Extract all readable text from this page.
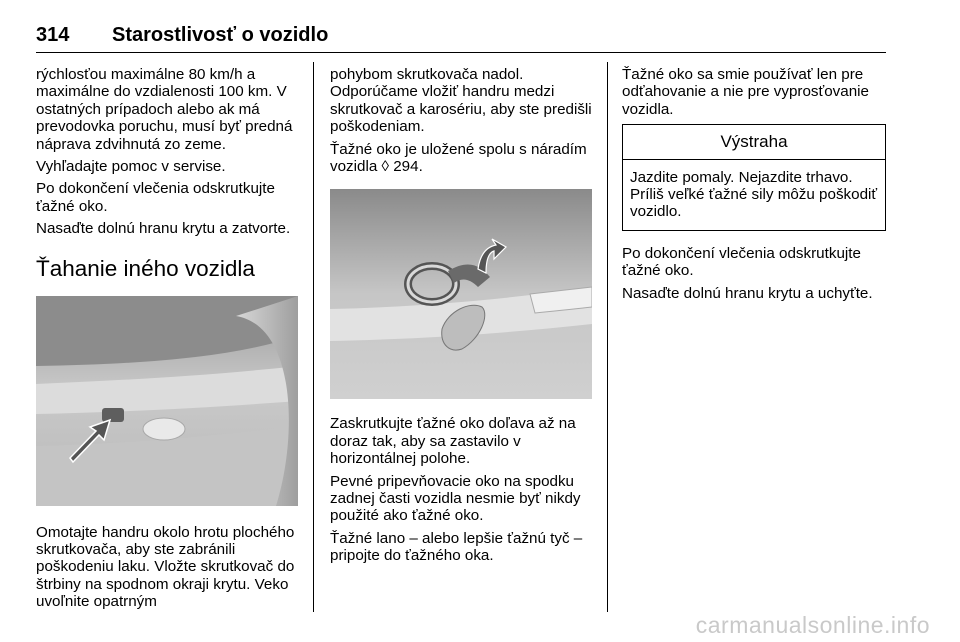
314 Starostlivosť o vozidlo

rýchlosťou maximálne 80 km/h a maximálne do vzdialenosti 100 km. V ostatných prípadoch alebo ak má prevodovka poruchu, musí byť predná náprava zdvihnutá zo zeme.

Vyhľadajte pomoc v servise.

Po dokončení vlečenia odskrutkujte ťažné oko.

Nasaďte dolnú hranu krytu a zatvorte.

Ťahanie iného vozidla

Omotajte handru okolo hrotu plochého skrutkovača, aby ste zabránili poškodeniu laku. Vložte skrutkovač do štrbiny na spodnom okraji krytu. Veko uvoľnite opatrným

pohybom skrutkovača nadol. Odporúčame vložiť handru medzi skrutkovač a karosériu, aby ste predišli poškodeniam.

Ťažné oko je uložené spolu s náradím vozidla ◊ 294.

Zaskrutkujte ťažné oko doľava až na doraz tak, aby sa zastavilo v horizontálnej polohe.

Pevné pripevňovacie oko na spodku zadnej časti vozidla nesmie byť nikdy použité ako ťažné oko.

Ťažné lano – alebo lepšie ťažnú tyč – pripojte do ťažného oka.

Ťažné oko sa smie používať len pre odťahovanie a nie pre vyprosťovanie vozidla.

Výstraha
Jazdite pomaly. Nejazdite trhavo. Príliš veľké ťažné sily môžu poškodiť vozidlo.

Po dokončení vlečenia odskrutkujte ťažné oko.

Nasaďte dolnú hranu krytu a uchyťte.

carmanualsonline.info
